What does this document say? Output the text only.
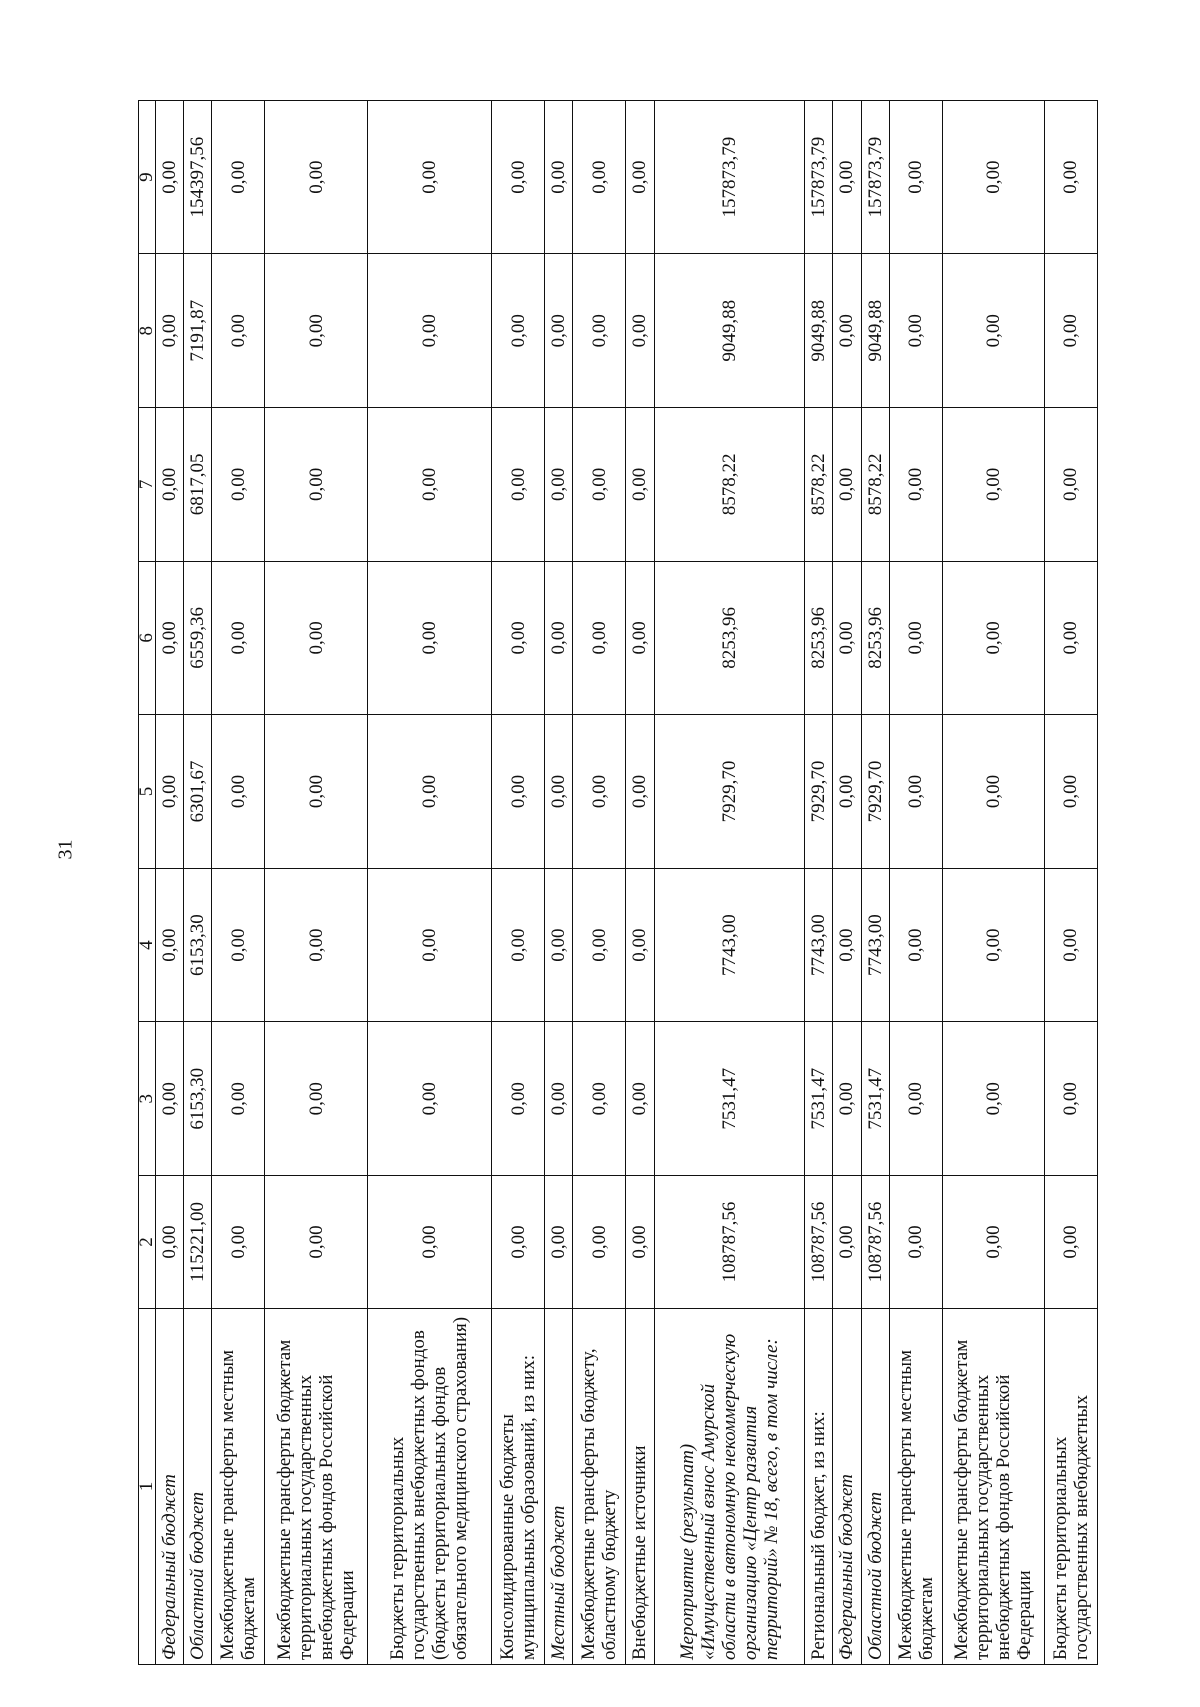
31
1	2	3	4	5	6	7	8	9
Федеральный бюджет	0,00	0,00	0,00	0,00	0,00	0,00	0,00	0,00
Областной бюджет	115221,00	6153,30	6153,30	6301,67	6559,36	6817,05	7191,87	154397,56
Межбюджетные трансферты местным бюджетам	0,00	0,00	0,00	0,00	0,00	0,00	0,00	0,00
Межбюджетные трансферты бюджетам территориальных государственных внебюджетных фондов Российской Федерации	0,00	0,00	0,00	0,00	0,00	0,00	0,00	0,00
Бюджеты территориальных государственных внебюджетных фондов (бюджеты территориальных фондов обязательного медицинского страхования)	0,00	0,00	0,00	0,00	0,00	0,00	0,00	0,00
Консолидированные бюджеты муниципальных образований, из них:	0,00	0,00	0,00	0,00	0,00	0,00	0,00	0,00
Местный бюджет	0,00	0,00	0,00	0,00	0,00	0,00	0,00	0,00
Межбюджетные трансферты бюджету, областному бюджету	0,00	0,00	0,00	0,00	0,00	0,00	0,00	0,00
Внебюджетные источники	0,00	0,00	0,00	0,00	0,00	0,00	0,00	0,00
Мероприятие (результат) «Имущественный взнос Амурской области в автономную некоммерческую организацию «Центр развития территорий» № 18, всего, в том числе:	108787,56	7531,47	7743,00	7929,70	8253,96	8578,22	9049,88	157873,79
Региональный бюджет, из них:	108787,56	7531,47	7743,00	7929,70	8253,96	8578,22	9049,88	157873,79
Федеральный бюджет	0,00	0,00	0,00	0,00	0,00	0,00	0,00	0,00
Областной бюджет	108787,56	7531,47	7743,00	7929,70	8253,96	8578,22	9049,88	157873,79
Межбюджетные трансферты местным бюджетам	0,00	0,00	0,00	0,00	0,00	0,00	0,00	0,00
Межбюджетные трансферты бюджетам территориальных государственных внебюджетных фондов Российской Федерации	0,00	0,00	0,00	0,00	0,00	0,00	0,00	0,00
Бюджеты территориальных государственных внебюджетных	0,00	0,00	0,00	0,00	0,00	0,00	0,00	0,00
